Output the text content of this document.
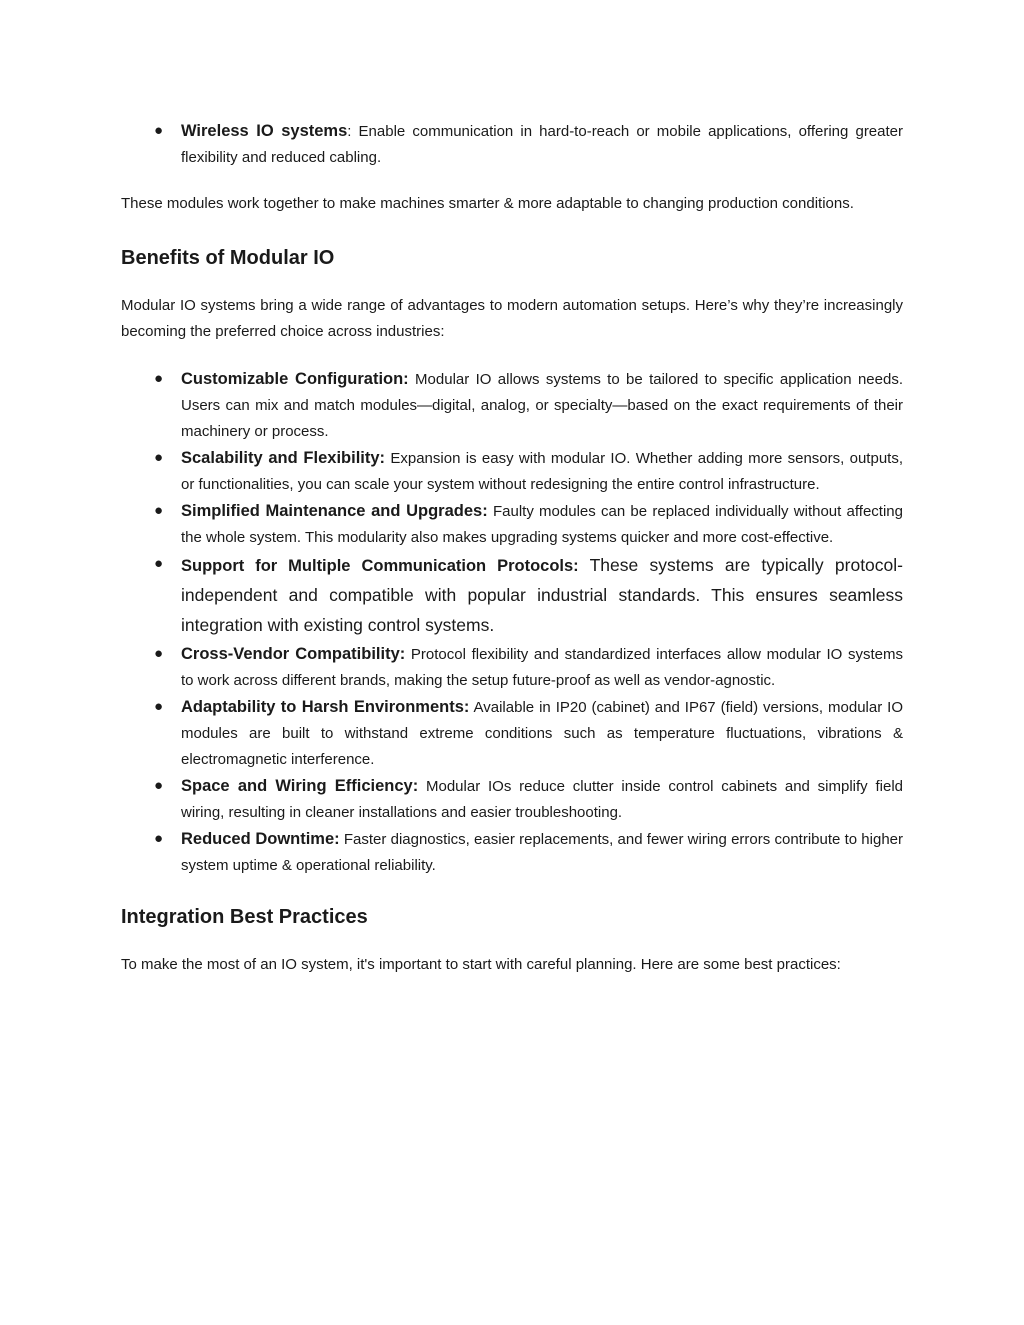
● Wireless IO systems: Enable communication in hard-to-reach or mobile applications, offering greater flexibility and reduced cabling.

These modules work together to make machines smarter & more adaptable to changing production conditions.

Benefits of Modular IO

Modular IO systems bring a wide range of advantages to modern automation setups. Here’s why they’re increasingly becoming the preferred choice across industries:

● Customizable Configuration: Modular IO allows systems to be tailored to specific application needs. Users can mix and match modules—digital, analog, or specialty—based on the exact requirements of their machinery or process.
● Scalability and Flexibility: Expansion is easy with modular IO. Whether adding more sensors, outputs, or functionalities, you can scale your system without redesigning the entire control infrastructure.
● Simplified Maintenance and Upgrades: Faulty modules can be replaced individually without affecting the whole system. This modularity also makes upgrading systems quicker and more cost-effective.
● Support for Multiple Communication Protocols: These systems are typically protocol-independent and compatible with popular industrial standards. This ensures seamless integration with existing control systems.
● Cross-Vendor Compatibility: Protocol flexibility and standardized interfaces allow modular IO systems to work across different brands, making the setup future-proof as well as vendor-agnostic.
● Adaptability to Harsh Environments: Available in IP20 (cabinet) and IP67 (field) versions, modular IO modules are built to withstand extreme conditions such as temperature fluctuations, vibrations & electromagnetic interference.
● Space and Wiring Efficiency: Modular IOs reduce clutter inside control cabinets and simplify field wiring, resulting in cleaner installations and easier troubleshooting.
● Reduced Downtime: Faster diagnostics, easier replacements, and fewer wiring errors contribute to higher system uptime & operational reliability.
Integration Best Practices

To make the most of an IO system, it's important to start with careful planning. Here are some best practices:
